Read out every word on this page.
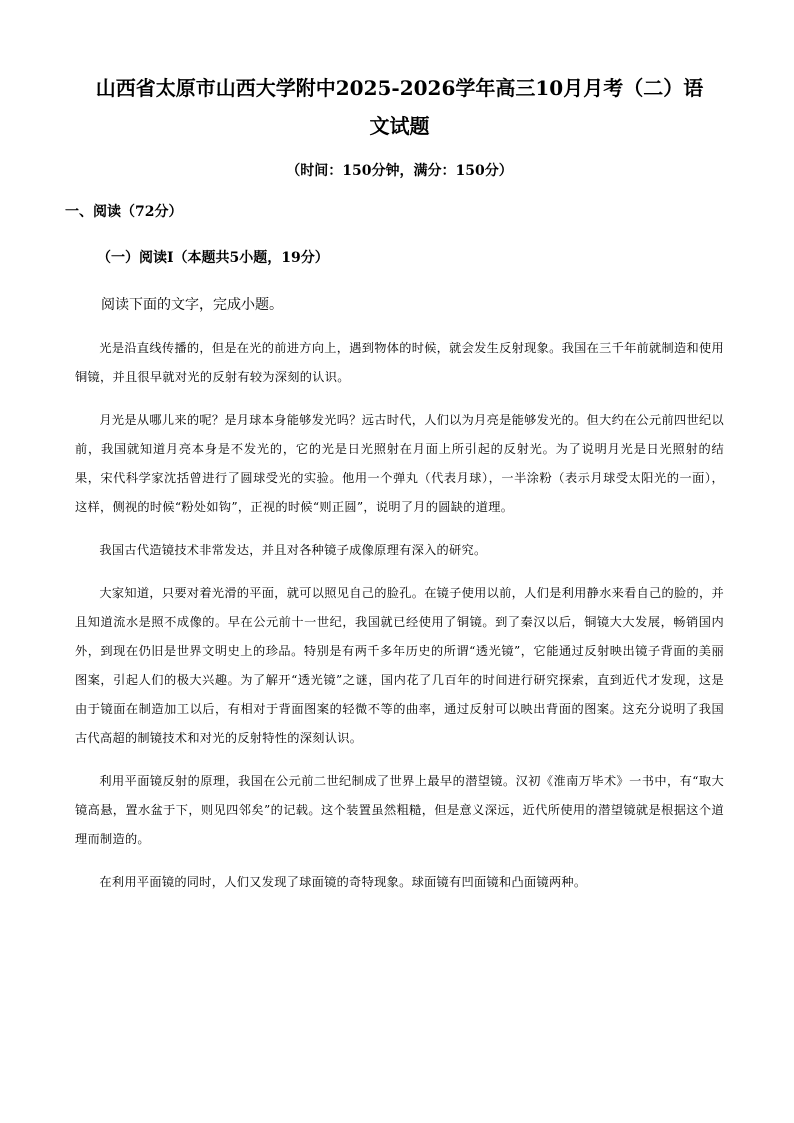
山西省太原市山西大学附中2025-2026学年高三10月月考（二）语
文试题
（时间：150分钟，满分：150分）
一、阅读（72分）
（一）阅读Ⅰ（本题共5小题，19分）
阅读下面的文字，完成小题。

光是沿直线传播的，但是在光的前进方向上，遇到物体的时候，就会发生反射现象。我国在三千年前就制造和使用铜镜，并且很早就对光的反射有较为深刻的认识。

月光是从哪儿来的呢？是月球本身能够发光吗？远古时代，人们以为月亮是能够发光的。但大约在公元前四世纪以前，我国就知道月亮本身是不发光的，它的光是日光照射在月面上所引起的反射光。为了说明月光是日光照射的结果，宋代科学家沈括曾进行了圆球受光的实验。他用一个弹丸（代表月球），一半涂粉（表示月球受太阳光的一面），这样，侧视的时候“粉处如钩”，正视的时候“则正圆”，说明了月的圆缺的道理。

我国古代造镜技术非常发达，并且对各种镜子成像原理有深入的研究。

大家知道，只要对着光滑的平面，就可以照见自己的脸孔。在镜子使用以前，人们是利用静水来看自己的脸的，并且知道流水是照不成像的。早在公元前十一世纪，我国就已经使用了铜镜。到了秦汉以后，铜镜大大发展，畅销国内外，到现在仍旧是世界文明史上的珍品。特别是有两千多年历史的所谓“透光镜”，它能通过反射映出镜子背面的美丽图案，引起人们的极大兴趣。为了解开“透光镜”之谜，国内花了几百年的时间进行研究探索，直到近代才发现，这是由于镜面在制造加工以后，有相对于背面图案的轻微不等的曲率，通过反射可以映出背面的图案。这充分说明了我国古代高超的制镜技术和对光的反射特性的深刻认识。

利用平面镜反射的原理，我国在公元前二世纪制成了世界上最早的潜望镜。汉初《淮南万毕术》一书中，有“取大镜高悬，置水盆于下，则见四邻矣”的记载。这个装置虽然粗糙，但是意义深远，近代所使用的潜望镜就是根据这个道理而制造的。

在利用平面镜的同时，人们又发现了球面镜的奇特现象。球面镜有凹面镜和凸面镜两种。
